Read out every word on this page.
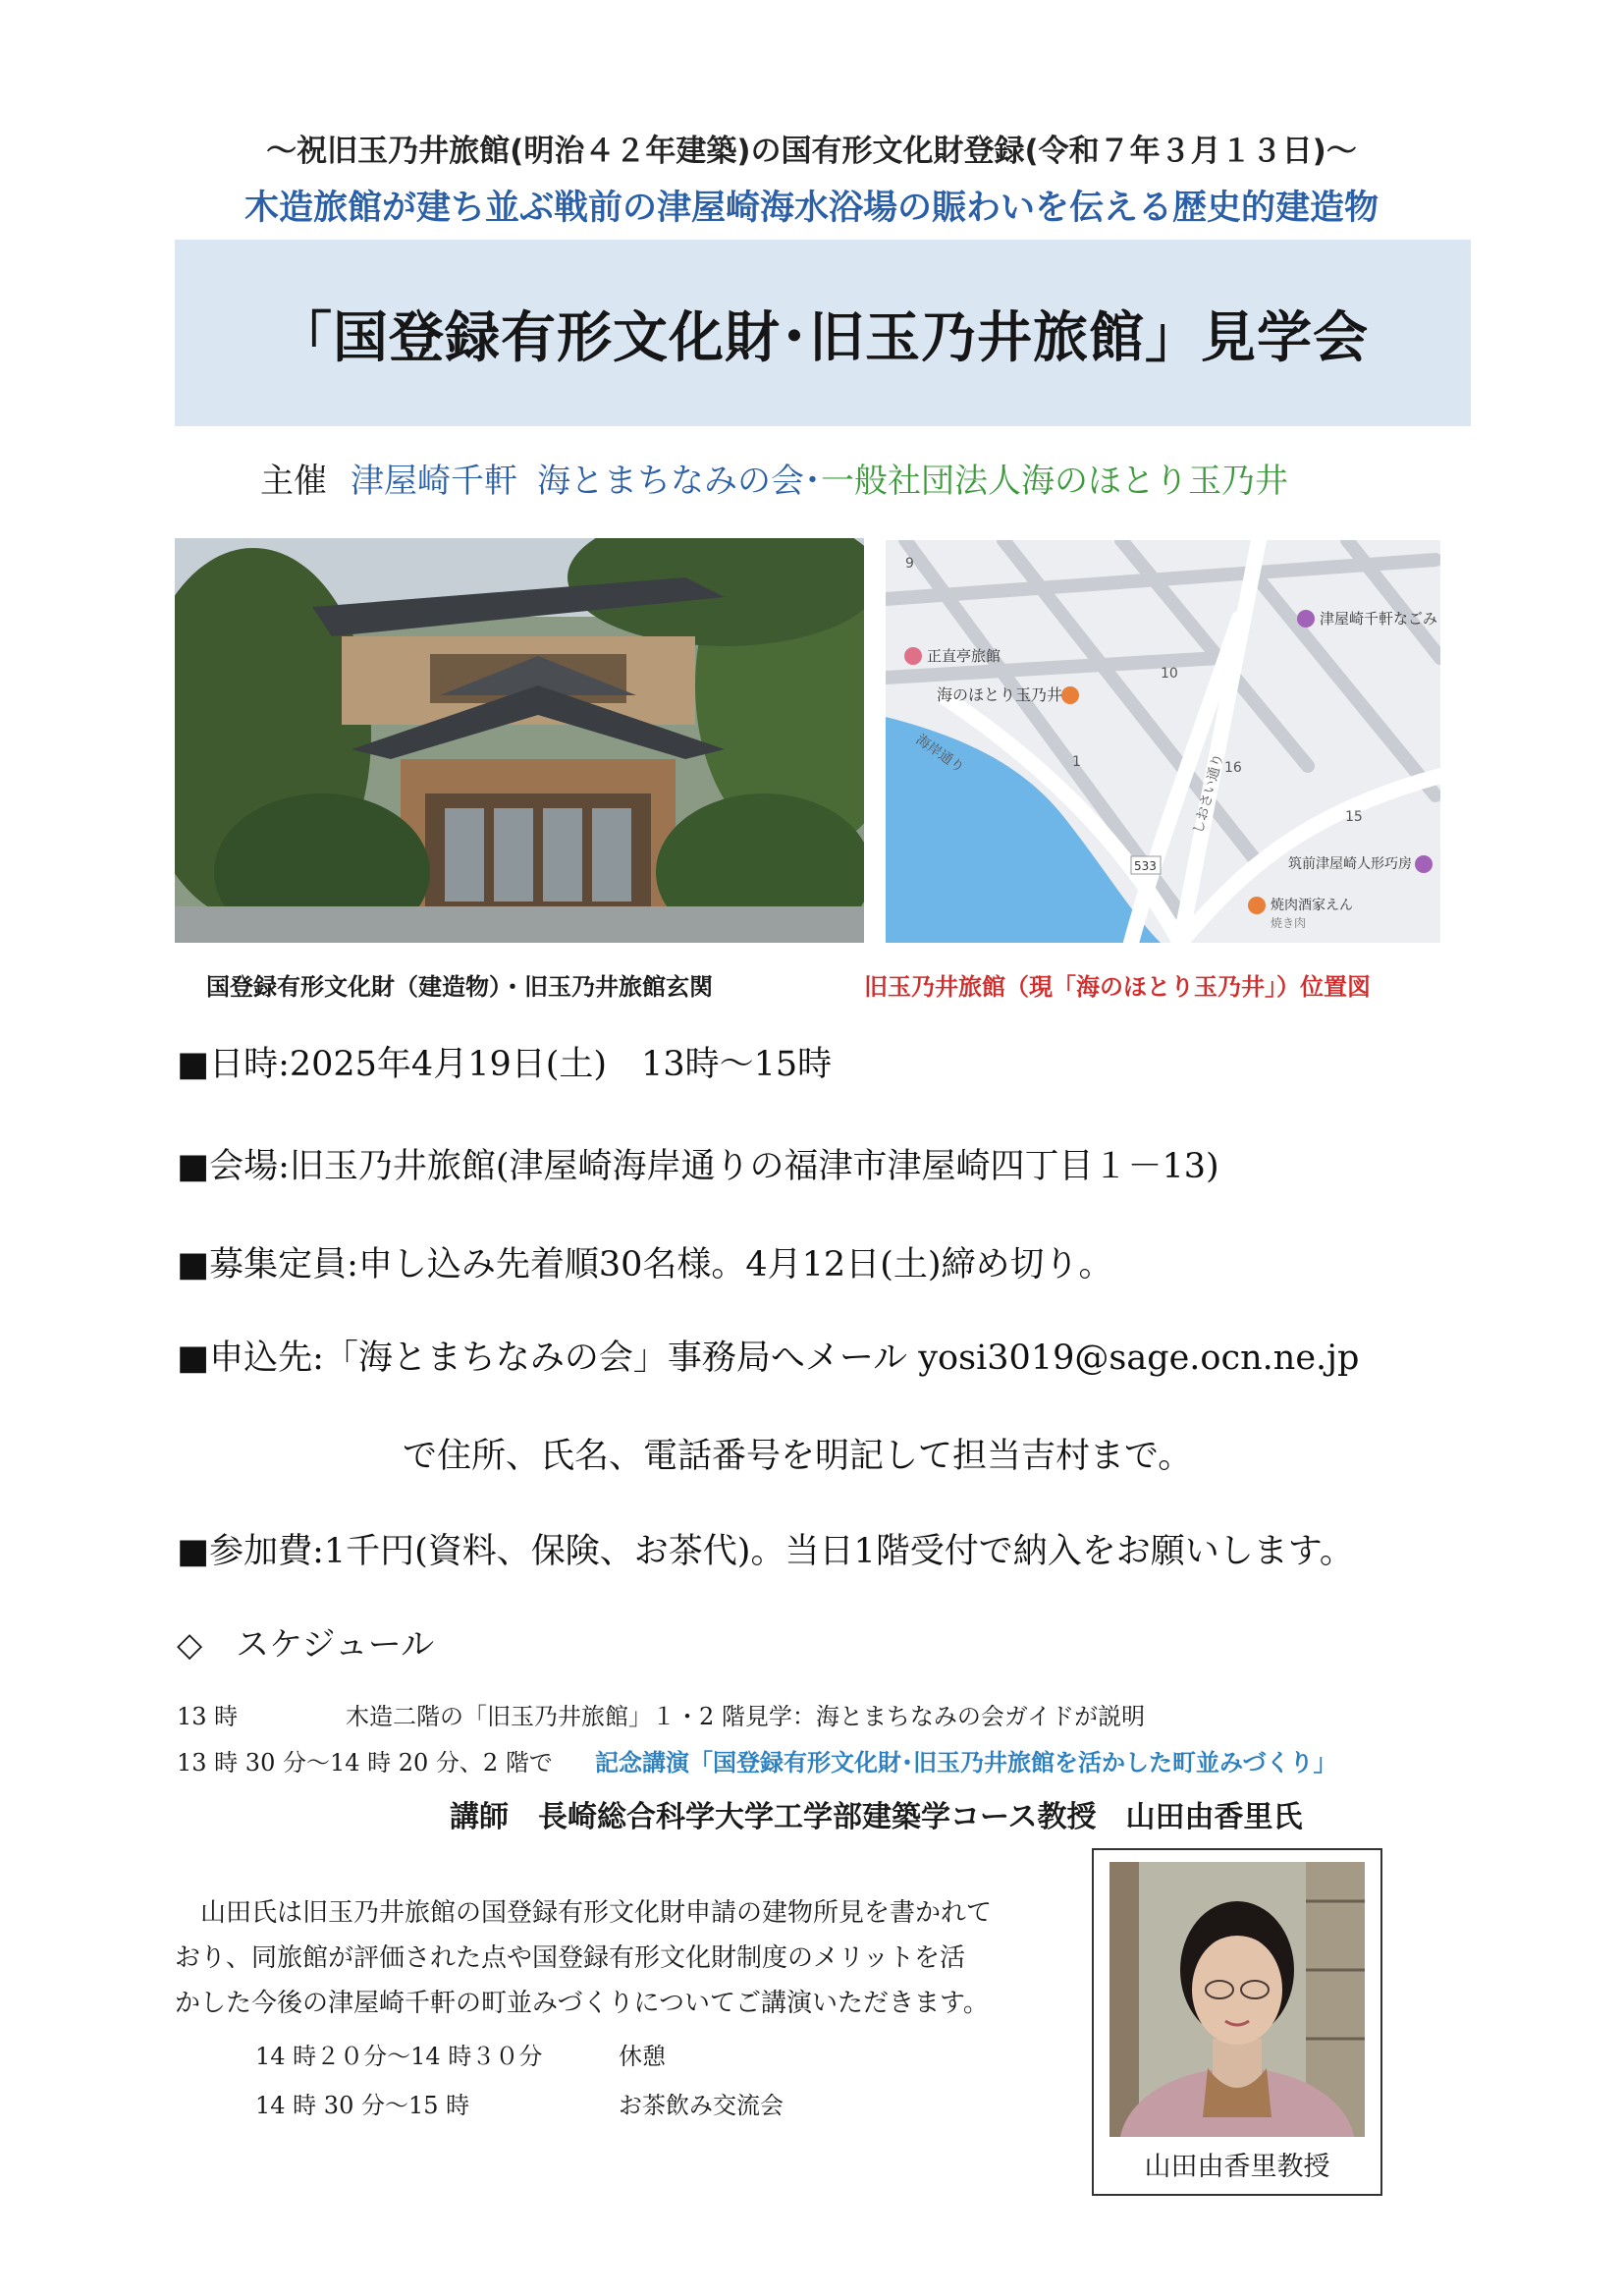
～祝旧玉乃井旅館(明治４２年建築)の国有形文化財登録(令和７年３月１３日)～
木造旅館が建ち並ぶ戦前の津屋崎海水浴場の賑わいを伝える歴史的建造物
「国登録有形文化財･旧玉乃井旅館」見学会
主催 津屋崎千軒 海とまちなみの会･一般社団法人海のほとり玉乃井
9
10
1	16
15
533
正直亭旅館
海のほとり玉乃井
津屋崎千軒なごみ
海岸通り	しおさい通り
筑前津屋崎人形巧房
焼肉酒家えん
焼き肉
国登録有形文化財（建造物）・旧玉乃井旅館玄関	旧玉乃井旅館（現「海のほとり玉乃井」）位置図
■日時:2025年4月19日(土)　13時～15時
■会場:旧玉乃井旅館(津屋崎海岸通りの福津市津屋崎四丁目１－13)
■募集定員:申し込み先着順30名様。4月12日(土)締め切り。
■申込先:「海とまちなみの会」事務局へメール yosi3019@sage.ocn.ne.jp
で住所、氏名、電話番号を明記して担当吉村まで。
■参加費:1千円(資料、保険、お茶代)。当日1階受付で納入をお願いします。
◇　スケジュール
13 時	木造二階の「旧玉乃井旅館」１・2 階見学：海とまちなみの会ガイドが説明
13 時 30 分～14 時 20 分、2 階で 記念講演「国登録有形文化財･旧玉乃井旅館を活かした町並みづくり」
講師　長崎総合科学大学工学部建築学コース教授　山田由香里氏

　山田氏は旧玉乃井旅館の国登録有形文化財申請の建物所見を書かれて

おり、同旅館が評価された点や国登録有形文化財制度のメリットを活

かした今後の津屋崎千軒の町並みづくりについてご講演いただきます。

14 時２０分～14 時３０分	休憩
14 時 30 分～15 時	お茶飲み交流会
山田由香里教授
